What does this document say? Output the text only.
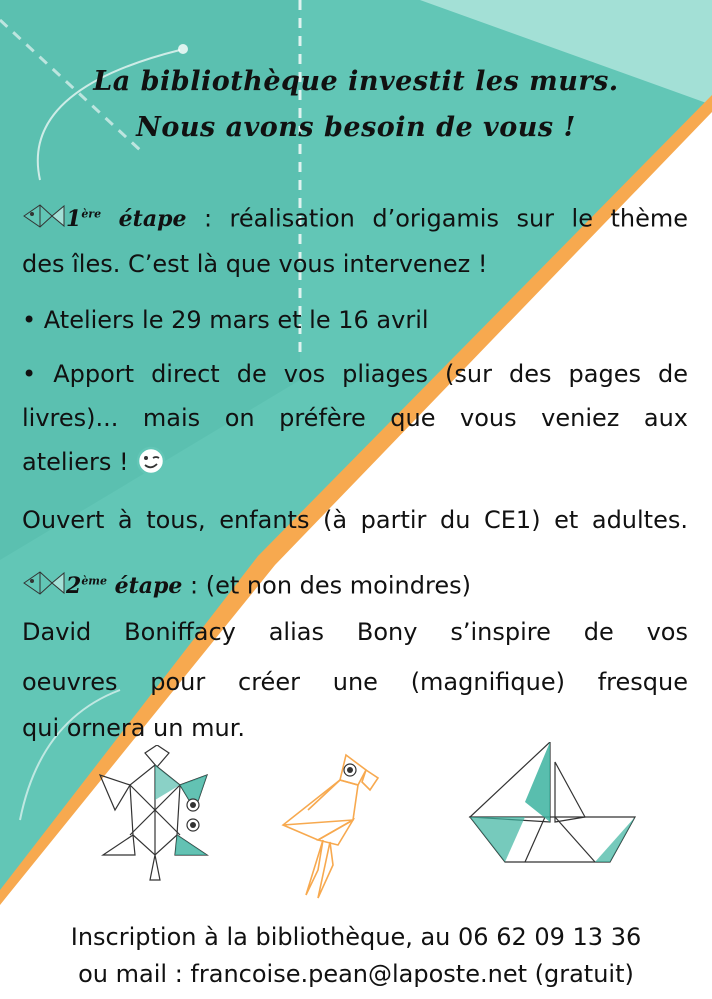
La bibliothèque investit les murs.
Nous avons besoin de vous !
1ère étape : réalisation d’origamis sur le thème
des îles. C’est là que vous intervenez !
• Ateliers le 29 mars et le 16 avril
• Apport direct de vos pliages (sur des pages de
livres)... mais on préfère que vous veniez aux
ateliers !
Ouvert à tous, enfants (à partir du CE1) et adultes.
2ème étape : (et non des moindres)
David Boniffacy alias Bony s’inspire de vos
oeuvres pour créer une (magnifique) fresque
qui ornera un mur.
Inscription à la bibliothèque, au 06 62 09 13 36
ou mail : francoise.pean@laposte.net (gratuit)
